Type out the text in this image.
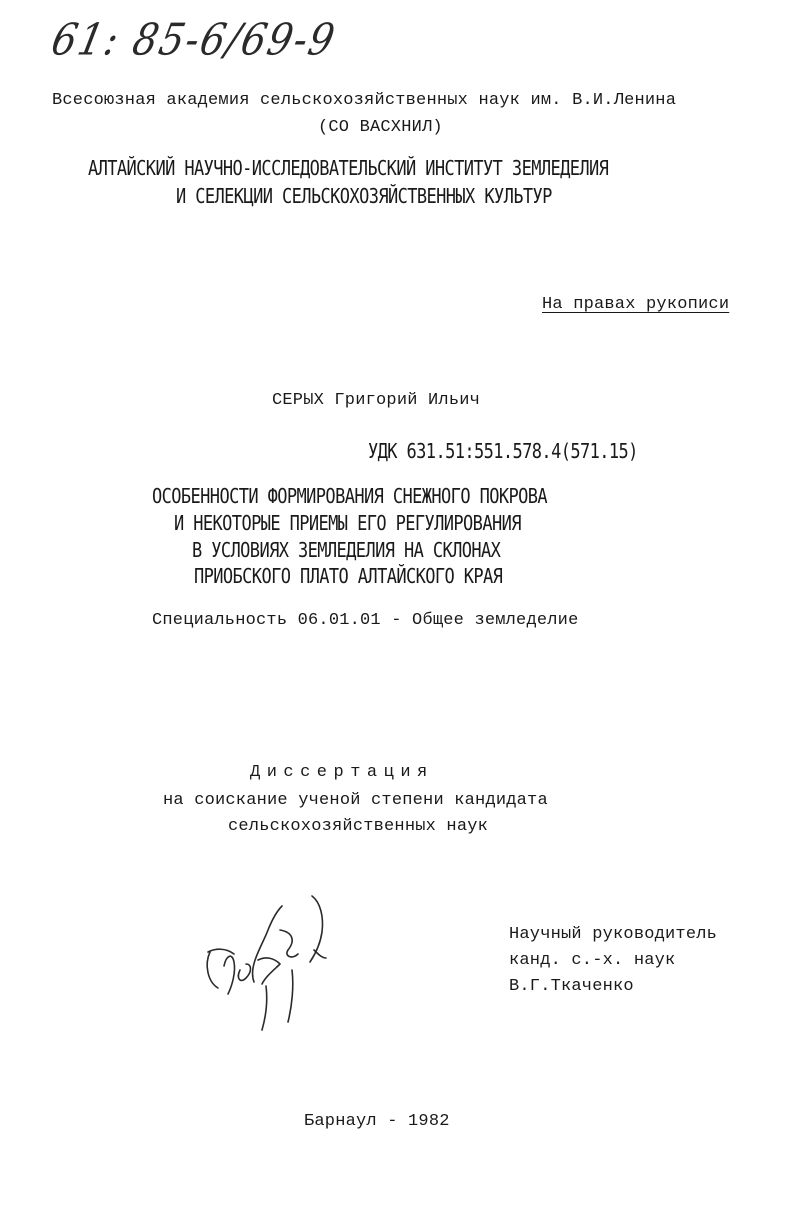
61: 85-6/69-9
Всесоюзная академия сельскохозяйственных наук им. В.И.Ленина
(СО ВАСХНИЛ)
АЛТАЙСКИЙ НАУЧНО-ИССЛЕДОВАТЕЛЬСКИЙ ИНСТИТУТ ЗЕМЛЕДЕЛИЯ
И СЕЛЕКЦИИ СЕЛЬСКОХОЗЯЙСТВЕННЫХ КУЛЬТУР
На правах рукописи
СЕРЫХ Григорий Ильич
УДК 631.51:551.578.4(571.15)
ОСОБЕННОСТИ ФОРМИРОВАНИЯ СНЕЖНОГО ПОКРОВА
И НЕКОТОРЫЕ ПРИЕМЫ ЕГО РЕГУЛИРОВАНИЯ
В УСЛОВИЯХ ЗЕМЛЕДЕЛИЯ НА СКЛОНАХ
ПРИОБСКОГО ПЛАТО АЛТАЙСКОГО КРАЯ
Специальность 06.01.01 - Общее земледелие
Диссертация
на соискание ученой степени кандидата
сельскохозяйственных наук
Научный руководитель
канд. с.-х. наук
В.Г.Ткаченко
Барнаул - 1982
